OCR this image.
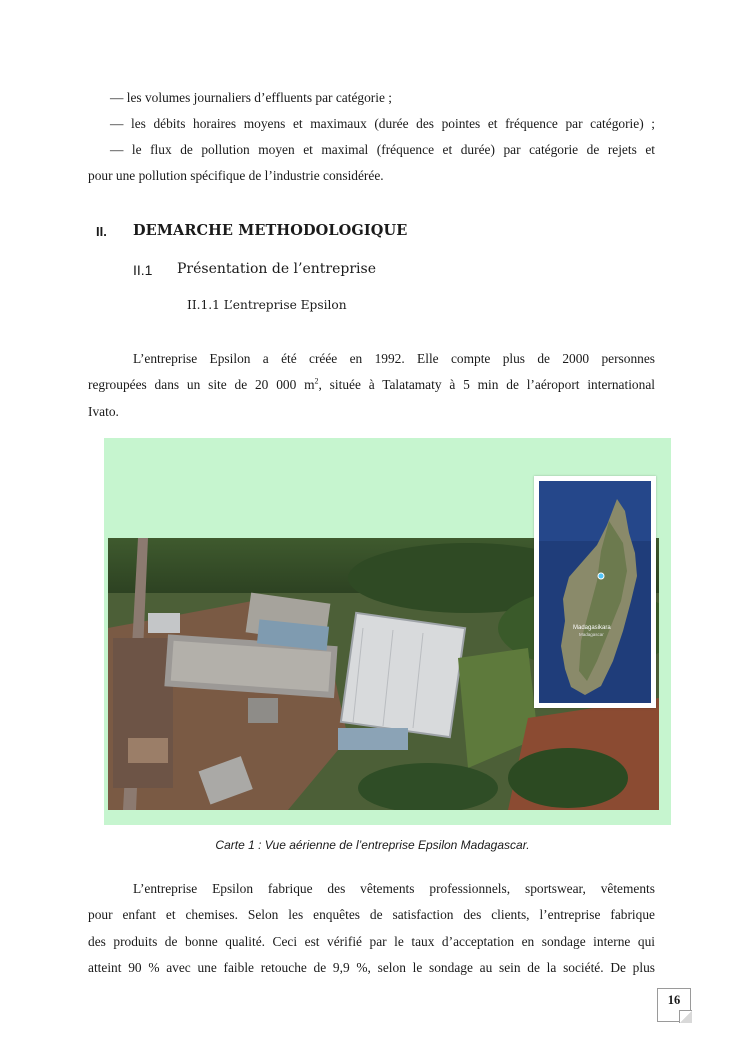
— les volumes journaliers d’effluents par catégorie ;
— les débits horaires moyens et maximaux (durée des pointes et fréquence par catégorie) ;
— le flux de pollution moyen et maximal (fréquence et durée) par catégorie de rejets et
pour une pollution spécifique de l’industrie considérée.
II. DEMARCHE METHODOLOGIQUE
II.1 Présentation de l’entreprise
II.1.1 L’entreprise Epsilon
L’entreprise Epsilon a été créée en 1992. Elle compte plus de 2000 personnes
regroupées dans un site de 20 000 $m^2$, située à Talatamaty à 5 min de l’aéroport international
Ivato.
Madagasikara
Madagascar
Carte 1 : Vue aérienne de l’entreprise Epsilon Madagascar.
L’entreprise Epsilon fabrique des vêtements professionnels, sportswear, vêtements
pour enfant et chemises. Selon les enquêtes de satisfaction des clients, l’entreprise fabrique
des produits de bonne qualité. Ceci est vérifié par le taux d’acceptation en sondage interne qui
atteint 90 % avec une faible retouche de 9,9 %, selon le sondage au sein de la société. De plus
16
